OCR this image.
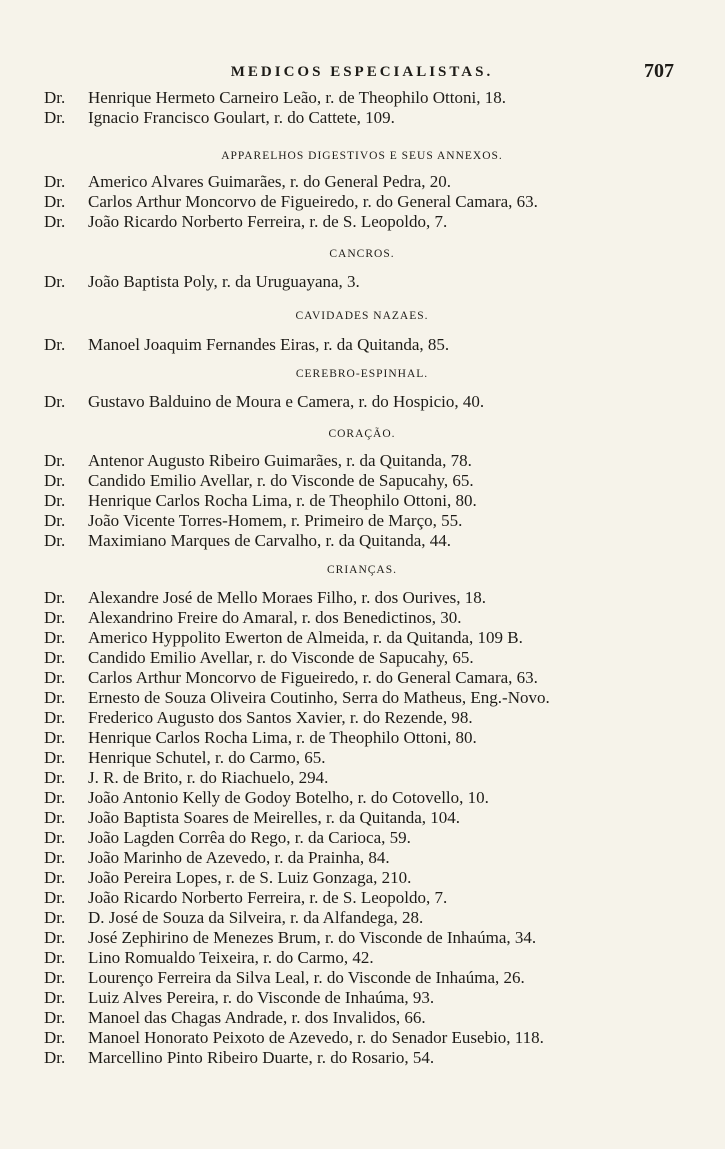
MEDICOS ESPECIALISTAS.	707
Dr. Henrique Hermeto Carneiro Leão, r. de Theophilo Ottoni, 18.
Dr. Ignacio Francisco Goulart, r. do Cattete, 109.
APPARELHOS DIGESTIVOS E SEUS ANNEXOS.
Dr. Americo Alvares Guimarães, r. do General Pedra, 20.
Dr. Carlos Arthur Moncorvo de Figueiredo, r. do General Camara, 63.
Dr. João Ricardo Norberto Ferreira, r. de S. Leopoldo, 7.
CANCROS.
Dr. João Baptista Poly, r. da Uruguayana, 3.
CAVIDADES NAZAES.
Dr. Manoel Joaquim Fernandes Eiras, r. da Quitanda, 85.
CEREBRO-ESPINHAL.
Dr. Gustavo Balduino de Moura e Camera, r. do Hospicio, 40.
CORAÇÃO.
Dr. Antenor Augusto Ribeiro Guimarães, r. da Quitanda, 78.
Dr. Candido Emilio Avellar, r. do Visconde de Sapucahy, 65.
Dr. Henrique Carlos Rocha Lima, r. de Theophilo Ottoni, 80.
Dr. João Vicente Torres-Homem, r. Primeiro de Março, 55.
Dr. Maximiano Marques de Carvalho, r. da Quitanda, 44.
CRIANÇAS.
Dr. Alexandre José de Mello Moraes Filho, r. dos Ourives, 18.
Dr. Alexandrino Freire do Amaral, r. dos Benedictinos, 30.
Dr. Americo Hyppolito Ewerton de Almeida, r. da Quitanda, 109 B.
Dr. Candido Emilio Avellar, r. do Visconde de Sapucahy, 65.
Dr. Carlos Arthur Moncorvo de Figueiredo, r. do General Camara, 63.
Dr. Ernesto de Souza Oliveira Coutinho, Serra do Matheus, Eng.-Novo.
Dr. Frederico Augusto dos Santos Xavier, r. do Rezende, 98.
Dr. Henrique Carlos Rocha Lima, r. de Theophilo Ottoni, 80.
Dr. Henrique Schutel, r. do Carmo, 65.
Dr. J. R. de Brito, r. do Riachuelo, 294.
Dr. João Antonio Kelly de Godoy Botelho, r. do Cotovello, 10.
Dr. João Baptista Soares de Meirelles, r. da Quitanda, 104.
Dr. João Lagden Corrêa do Rego, r. da Carioca, 59.
Dr. João Marinho de Azevedo, r. da Prainha, 84.
Dr. João Pereira Lopes, r. de S. Luiz Gonzaga, 210.
Dr. João Ricardo Norberto Ferreira, r. de S. Leopoldo, 7.
Dr. D. José de Souza da Silveira, r. da Alfandega, 28.
Dr. José Zephirino de Menezes Brum, r. do Visconde de Inhaúma, 34.
Dr. Lino Romualdo Teixeira, r. do Carmo, 42.
Dr. Lourenço Ferreira da Silva Leal, r. do Visconde de Inhaúma, 26.
Dr. Luiz Alves Pereira, r. do Visconde de Inhaúma, 93.
Dr. Manoel das Chagas Andrade, r. dos Invalidos, 66.
Dr. Manoel Honorato Peixoto de Azevedo, r. do Senador Eusebio, 118.
Dr. Marcellino Pinto Ribeiro Duarte, r. do Rosario, 54.
